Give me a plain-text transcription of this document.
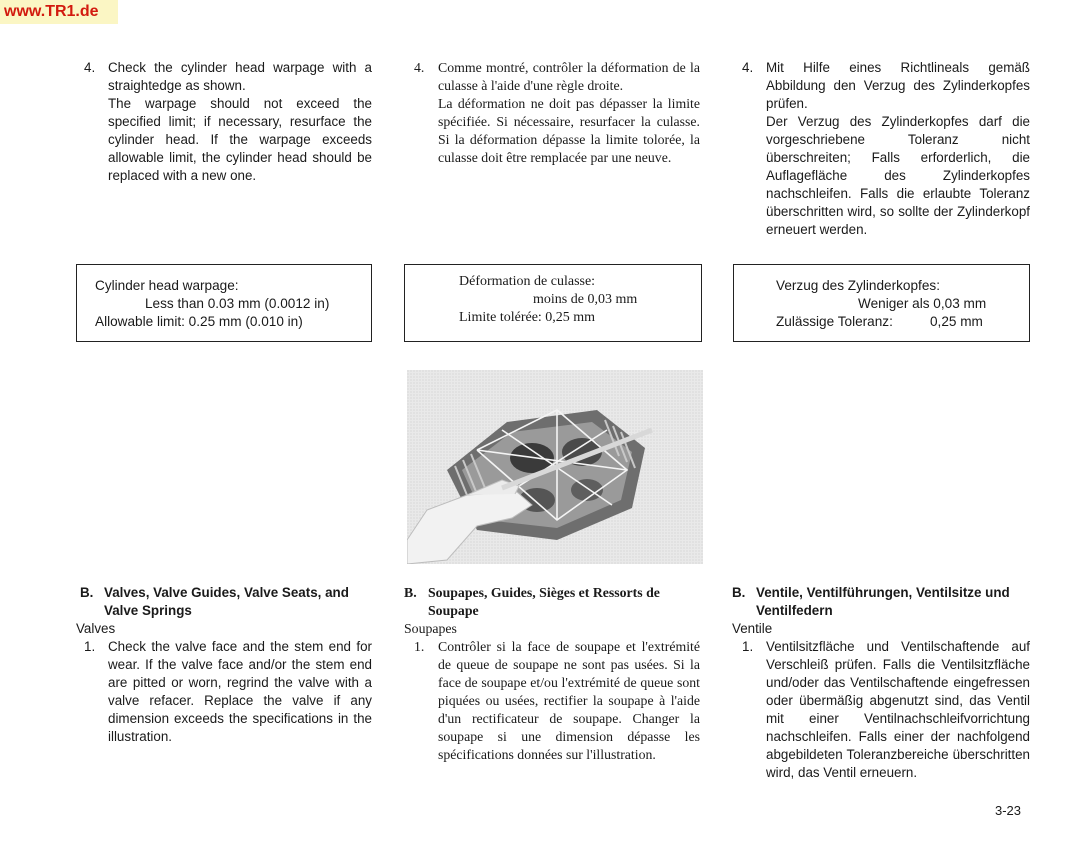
www.TR1.de
4. Check the cylinder head warpage with a straightedge as shown.

The warpage should not exceed the specified limit; if necessary, resurface the cylinder head. If the warpage exceeds allowable limit, the cylinder head should be replaced with a new one.

4. Comme montré, contrôler la déformation de la culasse à l'aide d'une règle droite.

La déformation ne doit pas dépasser la limite spécifiée. Si nécessaire, resurfacer la culasse. Si la déformation dépasse la limite tolorée, la culasse doit être remplacée par une neuve.

4. Mit Hilfe eines Richtlineals gemäß Abbildung den Verzug des Zylinderkopfes prüfen.

Der Verzug des Zylinderkopfes darf die vorgeschriebene Toleranz nicht überschreiten; Falls erforderlich, die Auflagefläche des Zylinderkopfes nachschleifen. Falls die erlaubte Toleranz überschritten wird, so sollte der Zylinderkopf erneuert werden.

Cylinder head warpage:
Less than 0.03 mm (0.0012 in)
Allowable limit: 0.25 mm (0.010 in)
Déformation de culasse:
moins de 0,03 mm
Limite tolérée: 0,25 mm
Verzug des Zylinderkopfes:
Weniger als 0,03 mm
Zulässige Toleranz:	0,25 mm
B. Valves, Valve Guides, Valve Seats, and Valve Springs
Valves
1. Check the valve face and the stem end for wear. If the valve face and/or the stem end are pitted or worn, regrind the valve with a valve refacer. Replace the valve if any dimension exceeds the specifications in the illustration.
B. Soupapes, Guides, Sièges et Ressorts de Soupape
Soupapes
1. Contrôler si la face de soupape et l'extrémité de queue de soupape ne sont pas usées. Si la face de soupape et/ou l'extrémité de queue sont piquées ou usées, rectifier la soupape à l'aide d'un rectificateur de soupape. Changer la soupape si une dimension dépasse les spécifications données sur l'illustration.
B. Ventile, Ventilführungen, Ventilsitze und Ventilfedern
Ventile
1. Ventilsitzfläche und Ventilschaftende auf Verschleiß prüfen. Falls die Ventilsitzfläche und/oder das Ventilschaftende eingefressen oder übermäßig abgenutzt sind, das Ventil mit einer Ventilnachschleifvorrichtung nachschleifen. Falls einer der nachfolgend abgebildeten Toleranzbereiche überschritten wird, das Ventil erneuern.
3-23
